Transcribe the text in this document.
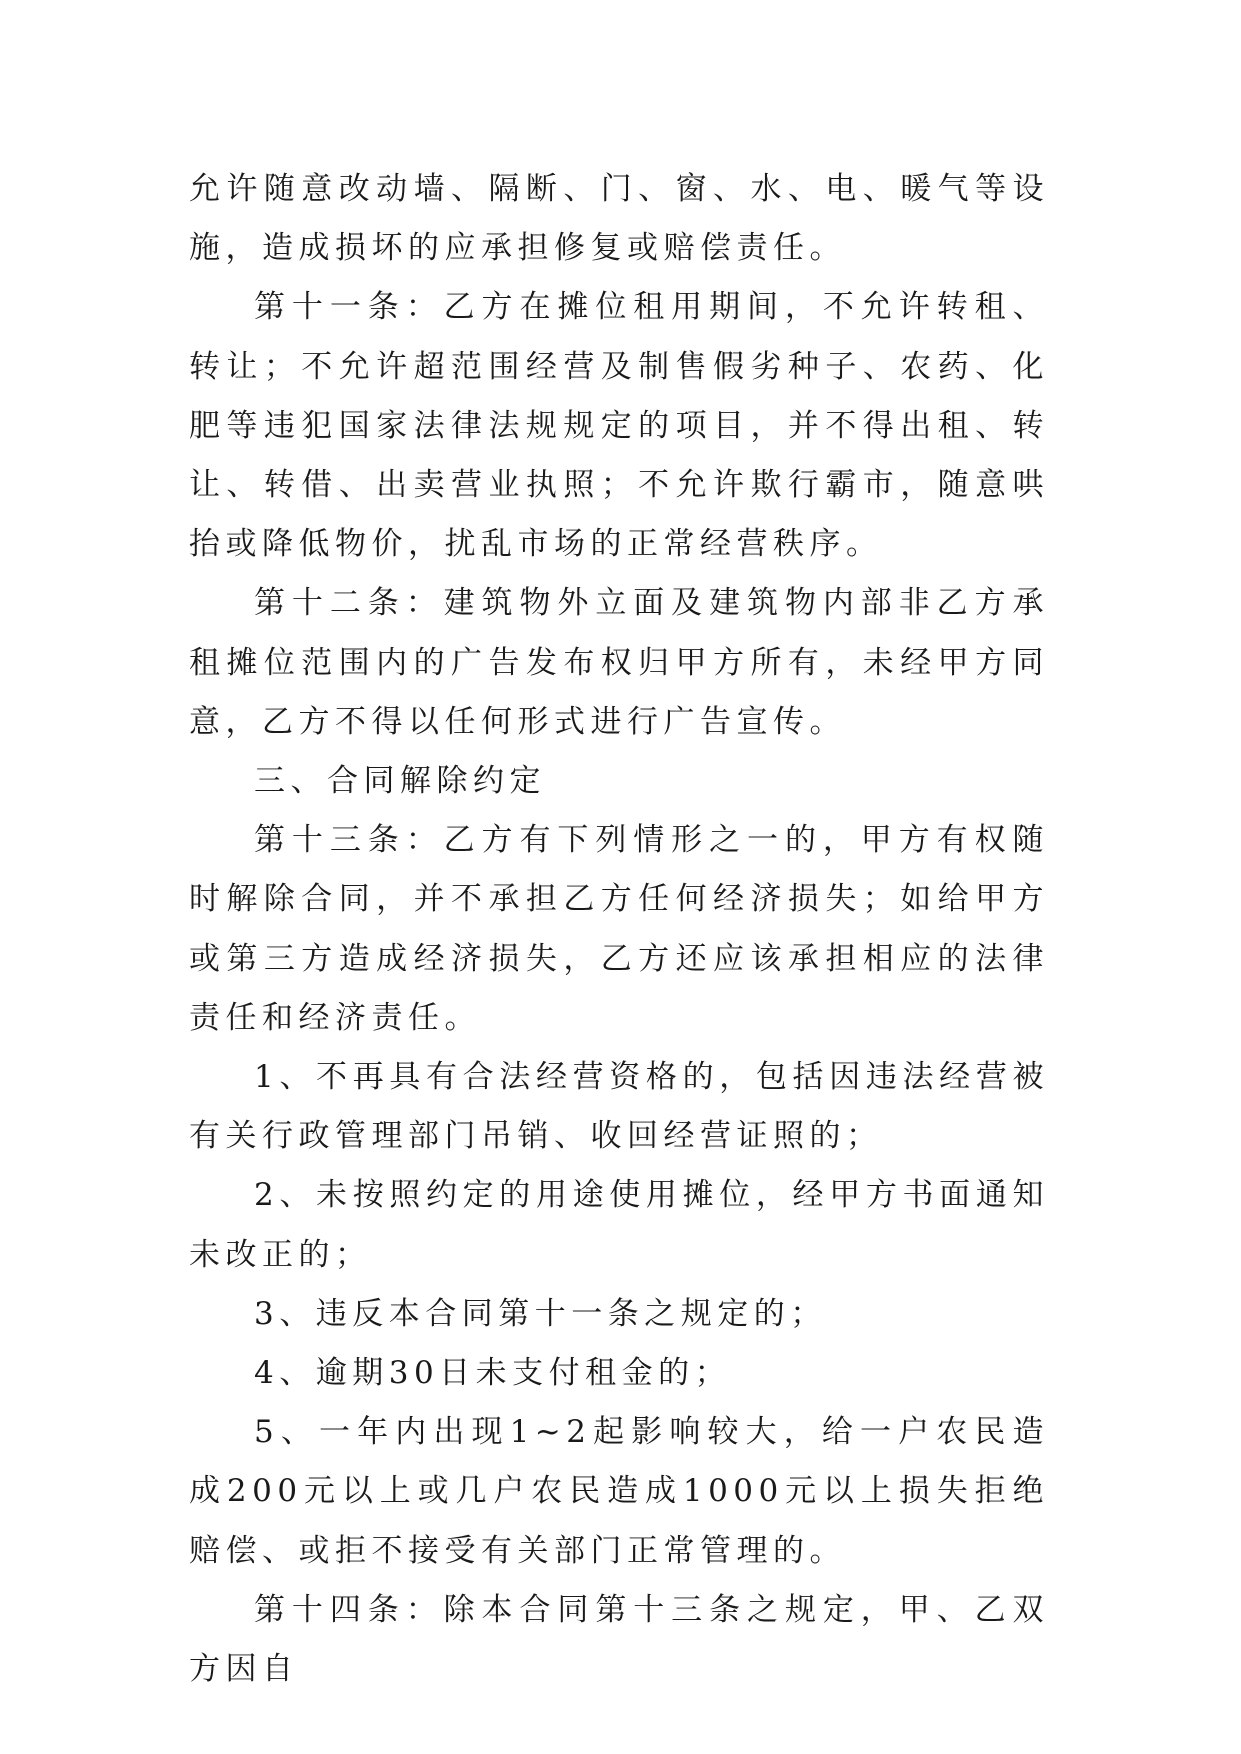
允许随意改动墙、隔断、门、窗、水、电、暖气等设施，造成损坏的应承担修复或赔偿责任。

第十一条：乙方在摊位租用期间，不允许转租、转让；不允许超范围经营及制售假劣种子、农药、化肥等违犯国家法律法规规定的项目，并不得出租、转让、转借、出卖营业执照；不允许欺行霸市，随意哄抬或降低物价，扰乱市场的正常经营秩序。

第十二条：建筑物外立面及建筑物内部非乙方承租摊位范围内的广告发布权归甲方所有，未经甲方同意，乙方不得以任何形式进行广告宣传。

三、合同解除约定

第十三条：乙方有下列情形之一的，甲方有权随时解除合同，并不承担乙方任何经济损失；如给甲方或第三方造成经济损失，乙方还应该承担相应的法律责任和经济责任。

1、不再具有合法经营资格的，包括因违法经营被有关行政管理部门吊销、收回经营证照的；

2、未按照约定的用途使用摊位，经甲方书面通知未改正的；

3、违反本合同第十一条之规定的；

4、逾期30日未支付租金的；

5、一年内出现1~2起影响较大，给一户农民造成200元以上或几户农民造成1000元以上损失拒绝赔偿、或拒不接受有关部门正常管理的。

第十四条：除本合同第十三条之规定，甲、乙双方因自
